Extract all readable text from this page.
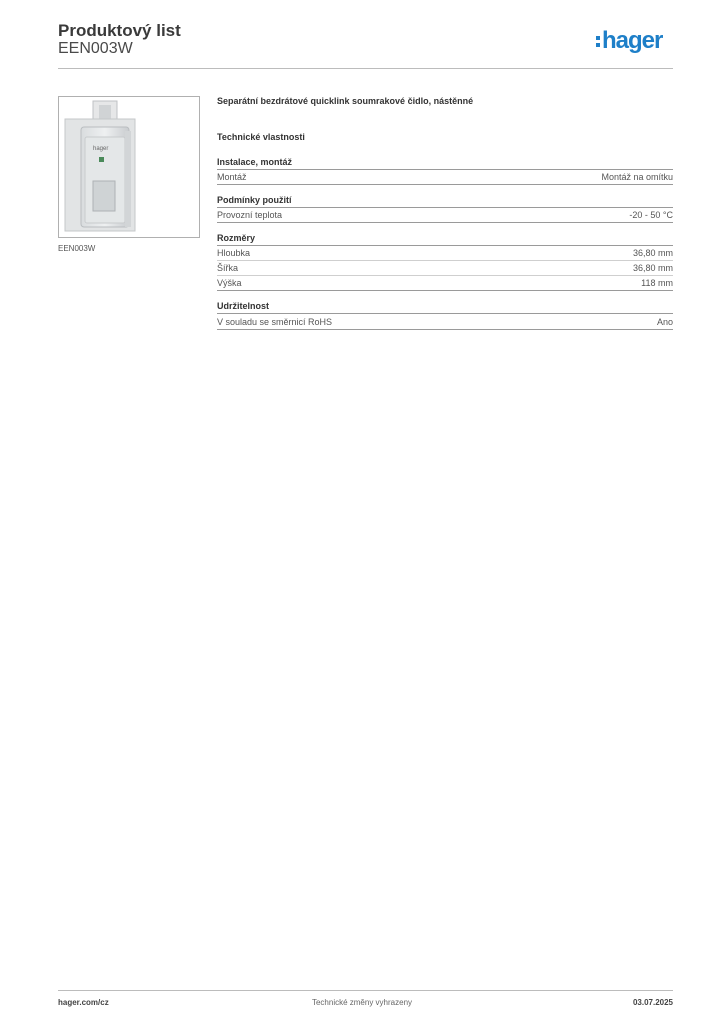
Produktový list
EEN003W	hager
hager
EEN003W
Separátní bezdrátové quicklink soumrakové čidlo, nástěnné
Technické vlastnosti
Instalace, montáž
Montáž	Montáž na omítku
Podmínky použití
Provozní teplota	-20 - 50 °C
Rozměry
Hloubka	36,80 mm
Šířka	36,80 mm
Výška	118 mm
Udržitelnost
V souladu se směrnicí RoHS	Ano
hager.com/cz	Technické změny vyhrazeny	03.07.2025
